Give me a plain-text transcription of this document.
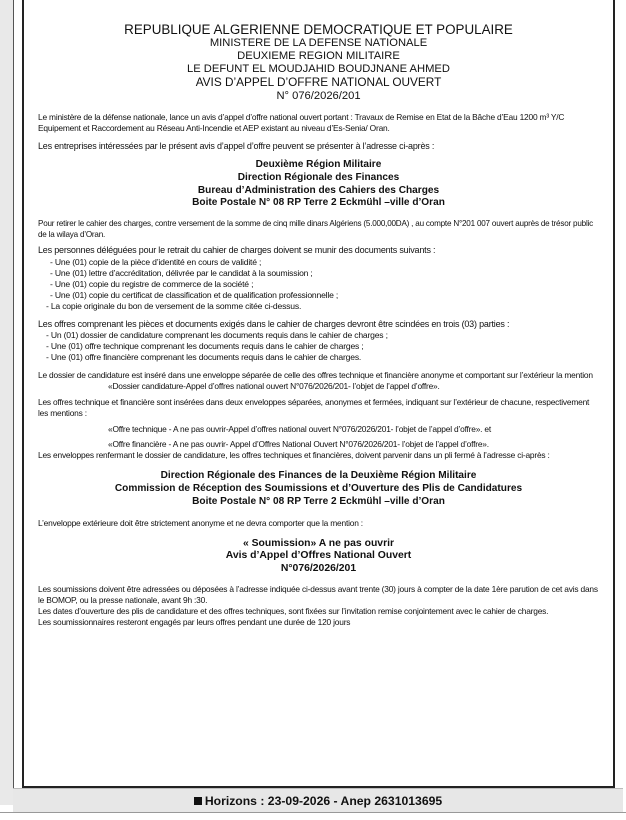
REPUBLIQUE ALGERIENNE DEMOCRATIQUE ET POPULAIRE
MINISTERE DE LA DEFENSE NATIONALE
DEUXIEME REGION MILITAIRE
LE DEFUNT EL MOUDJAHID BOUDJNANE AHMED
AVIS D’APPEL D’OFFRE NATIONAL OUVERT
N° 076/2026/201

Le ministère de la défense nationale, lance un avis d’appel d’offre national ouvert portant : Travaux de Remise en Etat de la Bâche d’Eau 1200 m³ Y/C Equipement et Raccordement au Réseau Anti-Incendie et AEP existant au niveau d’Es-Senia/ Oran.

Les entreprises intéressées par le présent avis d’appel d’offre peuvent se présenter à l’adresse ci-après :

Deuxième Région Militaire
Direction Régionale des Finances
Bureau d’Administration des Cahiers des Charges
Boite Postale N° 08 RP Terre 2 Eckmühl –ville d’Oran

Pour retirer le cahier des charges, contre versement de la somme de cinq mille dinars Algériens (5.000,00DA) , au compte N°201 007 ouvert auprès de trésor public de la wilaya d’Oran.

Les personnes déléguées pour le retrait du cahier de charges doivent se munir des documents suivants :

- Une (01) copie de la pièce d’identité en cours de validité ;
- Une (01) lettre d’accréditation, délivrée par le candidat à la soumission ;
- Une (01) copie du registre de commerce de la société ;
- Une (01) copie du certificat de classification et de qualification professionnelle ;
- La copie originale du bon de versement de la somme citée ci-dessus.

Les offres comprenant les pièces et documents exigés dans le cahier de charges devront être scindées en trois (03) parties :

- Un (01) dossier de candidature comprenant les documents requis dans le cahier de charges ;
- Une (01) offre technique comprenant les documents requis dans le cahier de charges ;
- Une (01) offre financière comprenant les documents requis dans le cahier de charges.

Le dossier de candidature est inséré dans une enveloppe séparée de celle des offres technique et financière anonyme et comportant sur l’extérieur la mention

«Dossier candidature-Appel d’offres national ouvert N°076/2026/201- l’objet de l’appel d’offre».

Les offres technique et financière sont insérées dans deux enveloppes séparées, anonymes et fermées, indiquant sur l’extérieur de chacune, respectivement les mentions :

«Offre technique - A ne pas ouvrir-Appel d’offres national ouvert N°076/2026/201- l’objet de l’appel d’offre». et

«Offre financière - A ne pas ouvrir- Appel d’Offres National Ouvert N°076/2026/201- l’objet de l’appel d’offre».

Les enveloppes renfermant le dossier de candidature, les offres techniques et financières, doivent parvenir dans un pli fermé à l’adresse ci-après :

Direction Régionale des Finances de la Deuxième Région Militaire
Commission de Réception des Soumissions et d’Ouverture des Plis de Candidatures
Boite Postale N° 08 RP Terre 2 Eckmühl –ville d’Oran

L’enveloppe extérieure doit être strictement anonyme et ne devra comporter que la mention :

« Soumission» A ne pas ouvrir
Avis d’Appel d’Offres National Ouvert
N°076/2026/201

Les soumissions doivent être adressées ou déposées à l’adresse indiquée ci-dessus avant trente (30) jours à compter de la date 1ère parution de cet avis dans le BOMOP, ou la presse nationale, avant 9h :30.

Les dates d’ouverture des plis de candidature et des offres techniques, sont fixées sur l’invitation remise conjointement avec le cahier de charges.

Les soumissionnaires resteront engagés par leurs offres pendant une durée de 120 jours

Horizons : 23-09-2026 - Anep 2631013695
